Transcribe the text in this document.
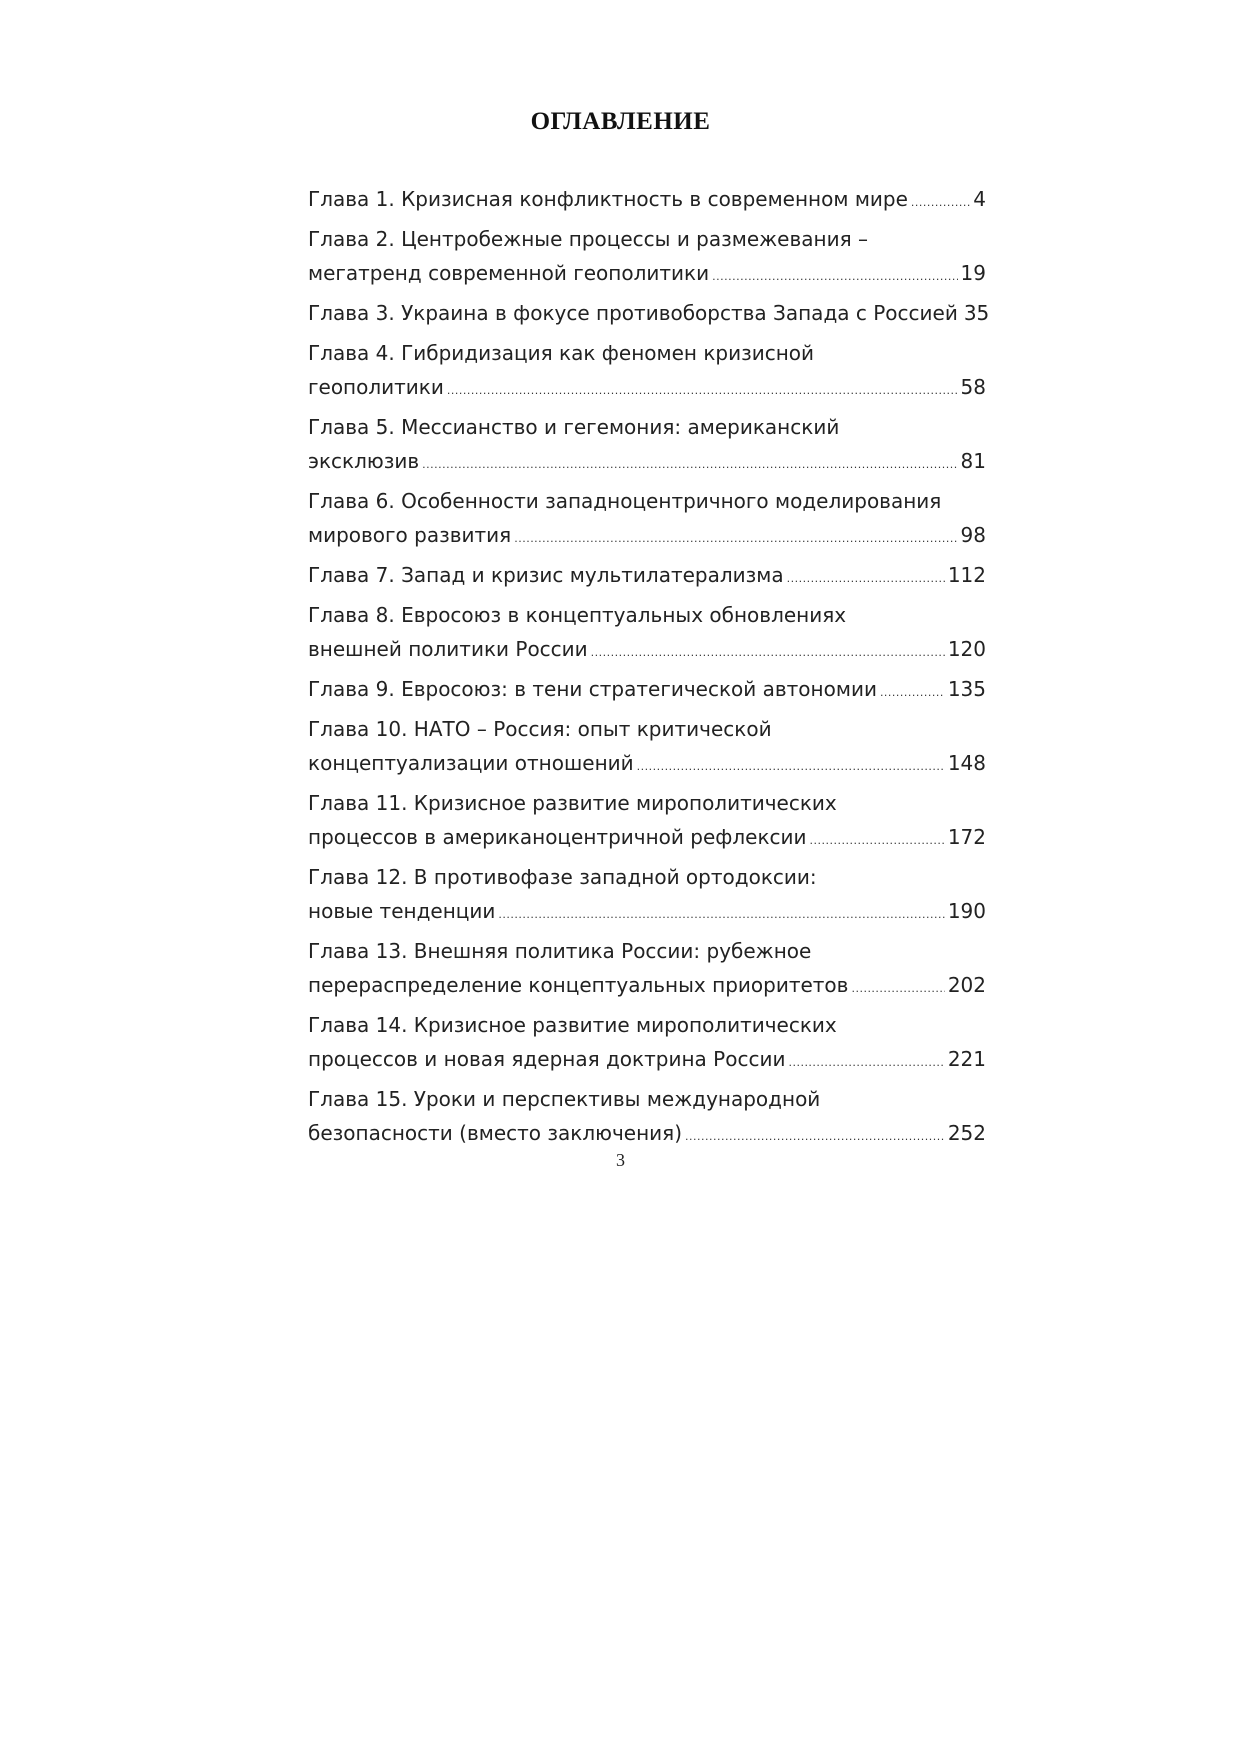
ОГЛАВЛЕНИЕ
Глава 1. Кризисная конфликтность в современном мире .....	4
Глава 2. Центробежные процессы и размежевания –
мегатренд современной геополитики .....	19
Глава 3. Украина в фокусе противоборства Запада с Россией 35
Глава 4. Гибридизация как феномен кризисной
геополитики .....	58
Глава 5. Мессианство и гегемония: американский
эксклюзив .....	81
Глава 6. Особенности западноцентричного моделирования
мирового развития .....	98
Глава 7. Запад и кризис мультилатерализма .....	112
Глава 8. Евросоюз в концептуальных обновлениях
внешней политики России .....	120
Глава 9. Евросоюз: в тени стратегической автономии .....	135
Глава 10. НАТО – Россия: опыт критической
концептуализации отношений .....	148
Глава 11. Кризисное развитие миропoлитических
процессов в американоцентричной рефлексии .....	172
Глава 12. В противофазе западной ортодоксии:
новые тенденции .....	190
Глава 13. Внешняя политика России: рубежное
перераспределение концептуальных приоритетов .....	202
Глава 14. Кризисное развитие миропoлитических
процессов и новая ядерная доктрина России .....	221
Глава 15. Уроки и перспективы международной
безопасности (вместо заключения) .....	252
3
